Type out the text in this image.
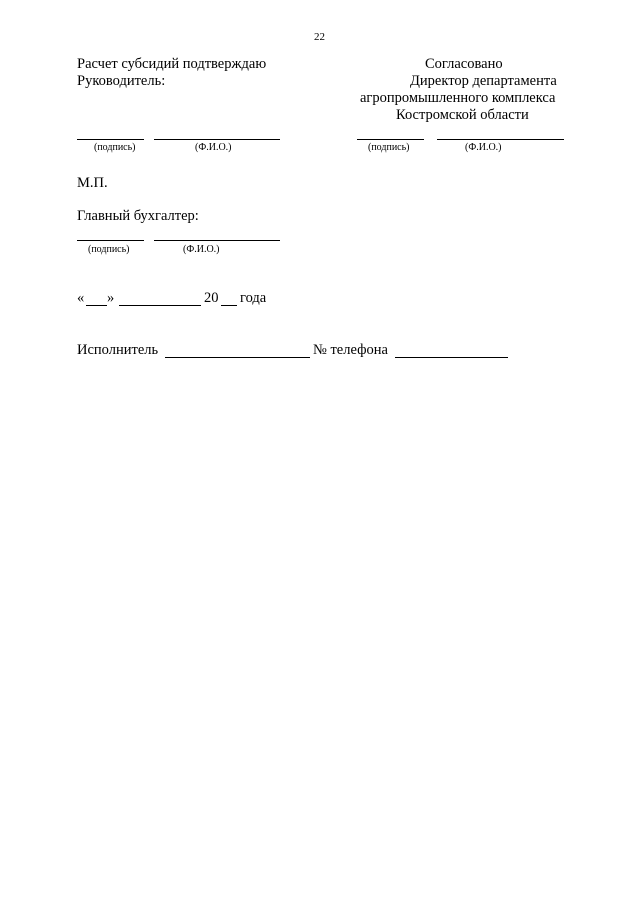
22
Расчет субсидий подтверждаю
Руководитель:
Согласовано
Директор департамента
агропромышленного комплекса
Костромской области
(подпись)	(Ф.И.О.)	(подпись)	(Ф.И.О.)
М.П.
Главный бухгалтер:
(подпись)	(Ф.И.О.)
« »	20 года
Исполнитель	№ телефона
